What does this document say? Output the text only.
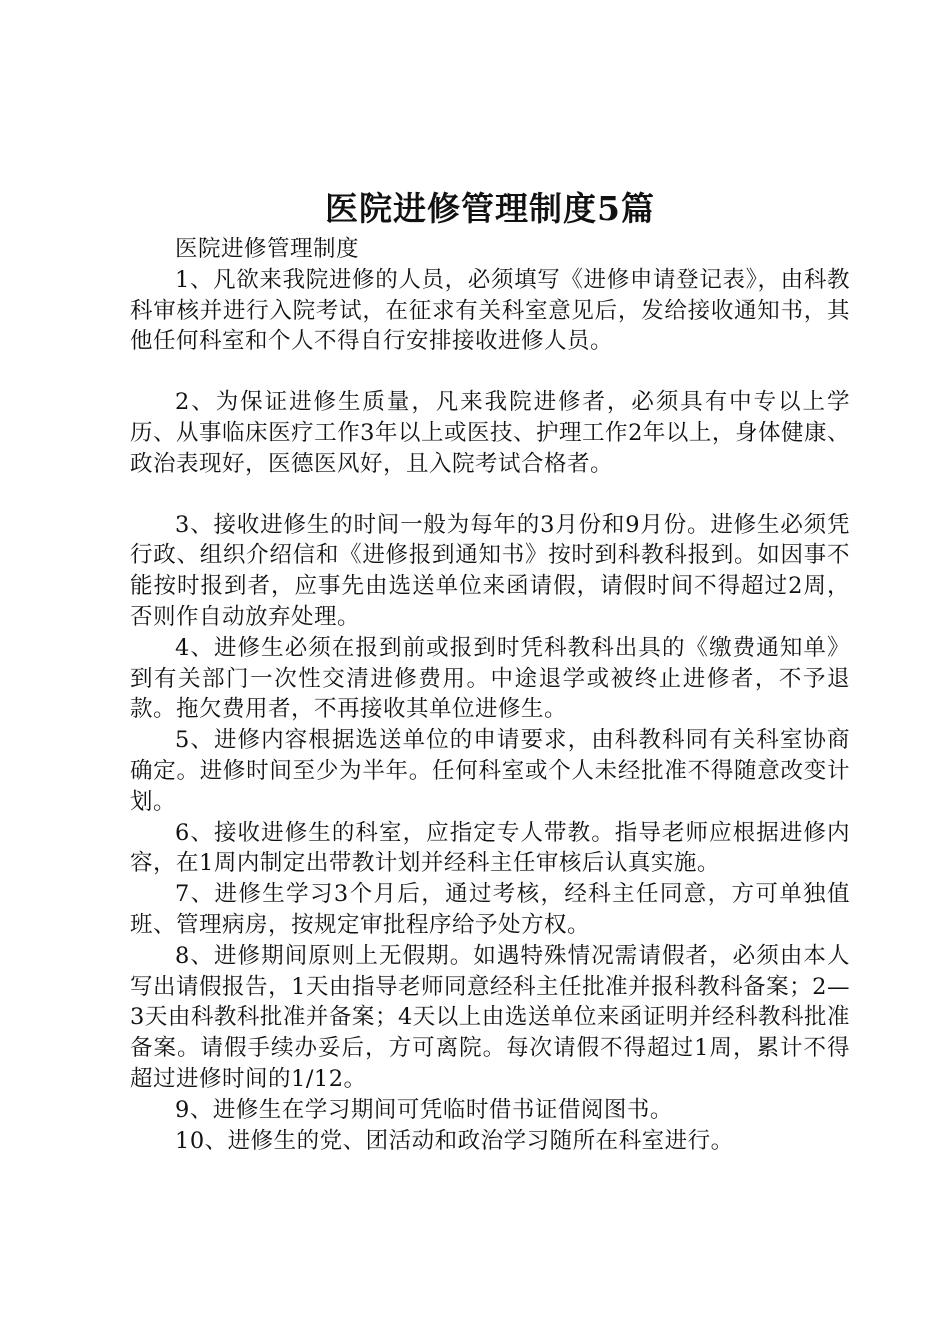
医院进修管理制度5篇

医院进修管理制度

1、凡欲来我院进修的人员，必须填写《进修申请登记表》，由科教科审核并进行入院考试，在征求有关科室意见后，发给接收通知书，其他任何科室和个人不得自行安排接收进修人员。

2、为保证进修生质量，凡来我院进修者，必须具有中专以上学历、从事临床医疗工作3年以上或医技、护理工作2年以上，身体健康、政治表现好，医德医风好，且入院考试合格者。

3、接收进修生的时间一般为每年的3月份和9月份。进修生必须凭行政、组织介绍信和《进修报到通知书》按时到科教科报到。如因事不能按时报到者，应事先由选送单位来函请假，请假时间不得超过2周，否则作自动放弃处理。

4、进修生必须在报到前或报到时凭科教科出具的《缴费通知单》到有关部门一次性交清进修费用。中途退学或被终止进修者，不予退款。拖欠费用者，不再接收其单位进修生。

5、进修内容根据选送单位的申请要求，由科教科同有关科室协商确定。进修时间至少为半年。任何科室或个人未经批准不得随意改变计划。

6、接收进修生的科室，应指定专人带教。指导老师应根据进修内容，在1周内制定出带教计划并经科主任审核后认真实施。

7、进修生学习3个月后，通过考核，经科主任同意，方可单独值班、管理病房，按规定审批程序给予处方权。

8、进修期间原则上无假期。如遇特殊情况需请假者，必须由本人写出请假报告，1天由指导老师同意经科主任批准并报科教科备案；2—3天由科教科批准并备案；4天以上由选送单位来函证明并经科教科批准备案。请假手续办妥后，方可离院。每次请假不得超过1周，累计不得超过进修时间的1/12。

9、进修生在学习期间可凭临时借书证借阅图书。

10、进修生的党、团活动和政治学习随所在科室进行。
